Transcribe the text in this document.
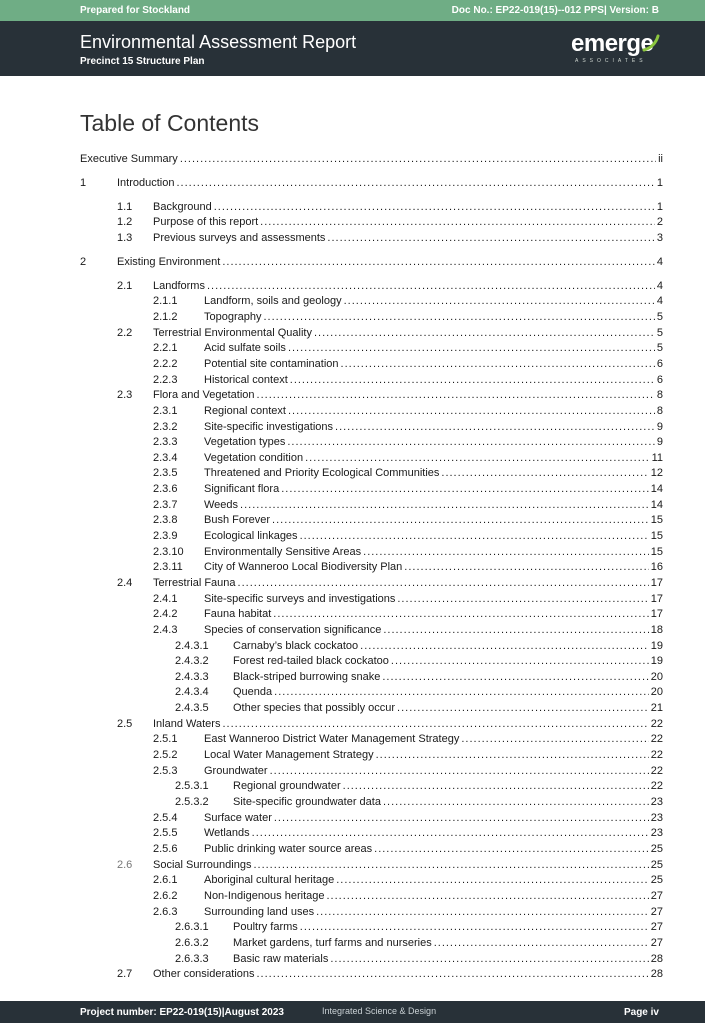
Prepared for Stockland	Doc No.: EP22-019(15)--012 PPS| Version: B
Environmental Assessment Report
Precinct 15 Structure Plan
emerge
ASSOCIATES
Table of Contents
Executive Summary .....	ii
1	Introduction .....	1
1.1 Background .....	1
1.2 Purpose of this report .....	2
1.3 Previous surveys and assessments .....	3
2	Existing Environment .....	4
2.1 Landforms .....	4
2.1.1 Landform, soils and geology .....	4
2.1.2 Topography .....	5
2.2 Terrestrial Environmental Quality .....	5
2.2.1 Acid sulfate soils .....	5
2.2.2 Potential site contamination .....	6
2.2.3 Historical context .....	6
2.3 Flora and Vegetation .....	8
2.3.1 Regional context .....	8
2.3.2 Site-specific investigations .....	9
2.3.3 Vegetation types .....	9
2.3.4 Vegetation condition .....	11
2.3.5 Threatened and Priority Ecological Communities .....	12
2.3.6 Significant flora .....	14
2.3.7 Weeds .....	14
2.3.8 Bush Forever .....	15
2.3.9 Ecological linkages .....	15
2.3.10 Environmentally Sensitive Areas .....	15
2.3.11 City of Wanneroo Local Biodiversity Plan .....	16
2.4 Terrestrial Fauna .....	17
2.4.1 Site-specific surveys and investigations .....	17
2.4.2 Fauna habitat .....	17
2.4.3 Species of conservation significance .....	18
2.4.3.1 Carnaby’s black cockatoo .....	19
2.4.3.2 Forest red-tailed black cockatoo .....	19
2.4.3.3 Black-striped burrowing snake .....	20
2.4.3.4 Quenda .....	20
2.4.3.5 Other species that possibly occur .....	21
2.5 Inland Waters .....	22
2.5.1 East Wanneroo District Water Management Strategy .....	22
2.5.2 Local Water Management Strategy .....	22
2.5.3 Groundwater .....	22
2.5.3.1 Regional groundwater .....	22
2.5.3.2 Site-specific groundwater data .....	23
2.5.4 Surface water .....	23
2.5.5 Wetlands .....	23
2.5.6 Public drinking water source areas .....	25
2.6 Social Surroundings .....	25
2.6.1 Aboriginal cultural heritage .....	25
2.6.2 Non-Indigenous heritage .....	27
2.6.3 Surrounding land uses .....	27
2.6.3.1 Poultry farms .....	27
2.6.3.2 Market gardens, turf farms and nurseries .....	27
2.6.3.3 Basic raw materials .....	28
2.7 Other considerations .....	28
Project number: EP22-019(15)|August 2023	Integrated Science & Design	Page iv
